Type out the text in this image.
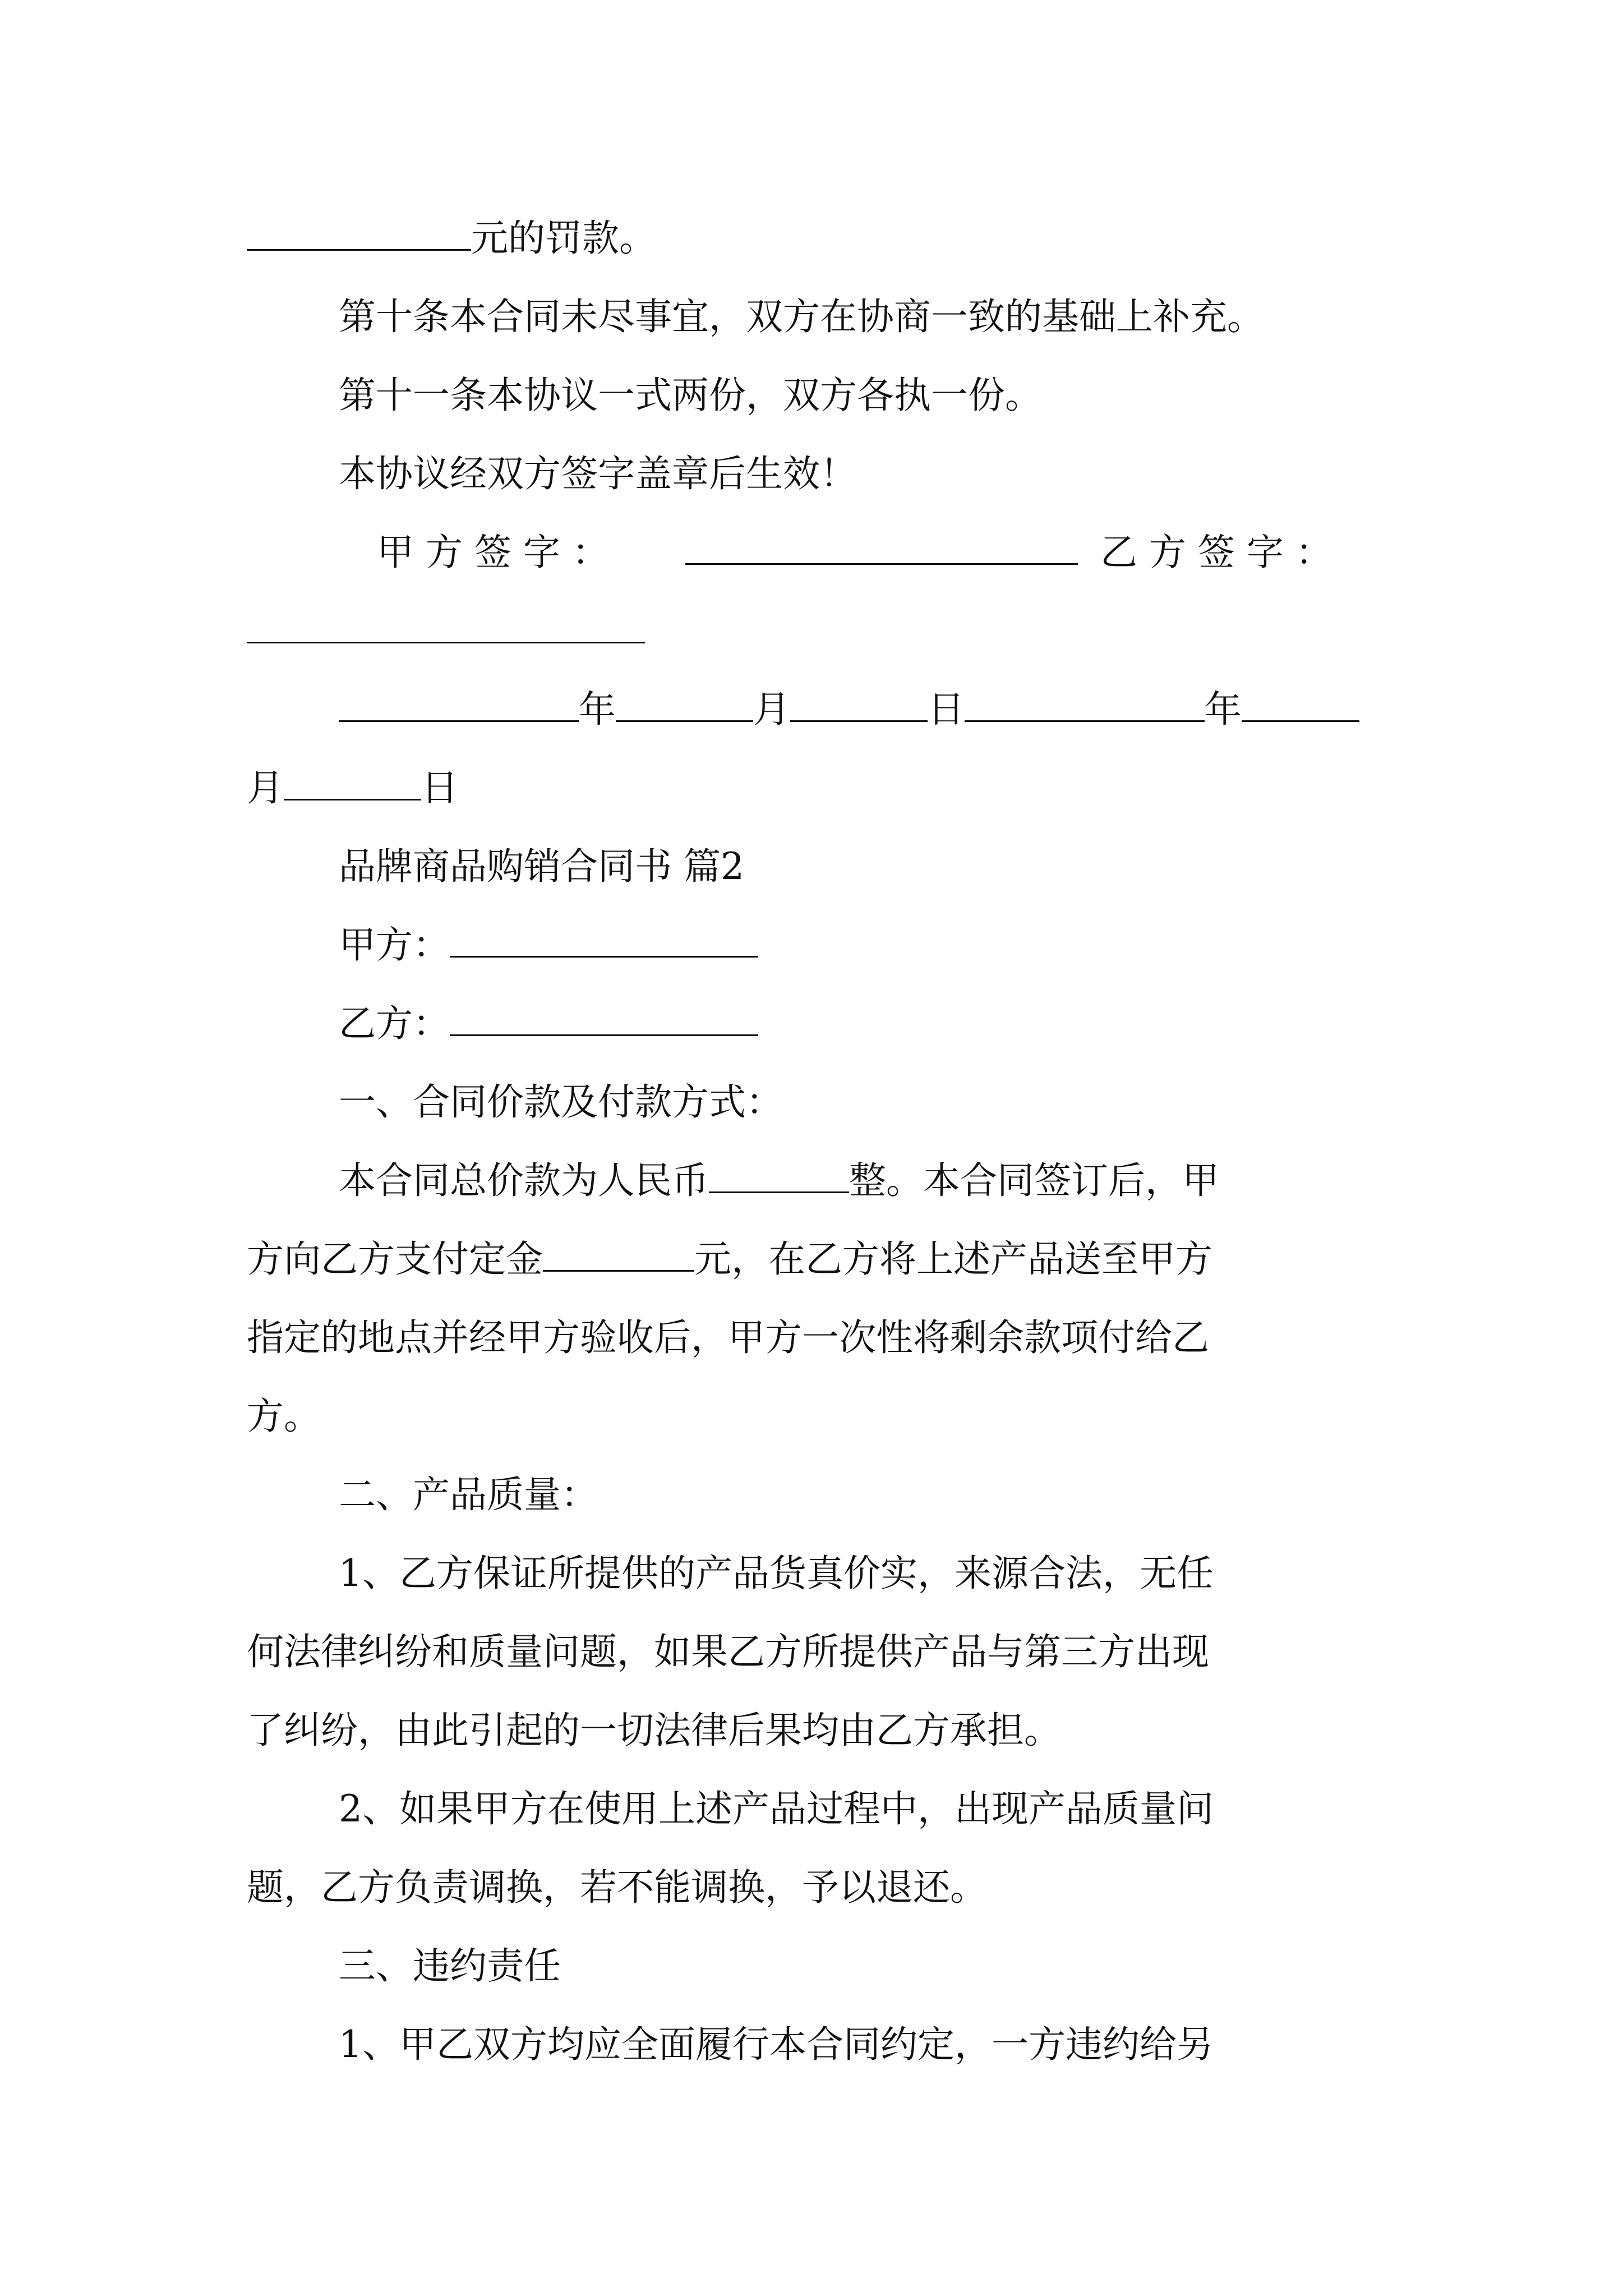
元的罚款。
第十条本合同未尽事宜，双方在协商一致的基础上补充。
第十一条本协议一式两份，双方各执一份。
本协议经双方签字盖章后生效！
甲 方 签 字 ：	乙 方 签 字 ：
年	月	日	年
月	日
品牌商品购销合同书 篇2
甲方：
乙方：
一、合同价款及付款方式：
本合同总价款为人民币	整。本合同签订后，甲
方向乙方支付定金	元，在乙方将上述产品送至甲方
指定的地点并经甲方验收后，甲方一次性将剩余款项付给乙
方。
二、产品质量：
1、乙方保证所提供的产品货真价实，来源合法，无任
何法律纠纷和质量问题，如果乙方所提供产品与第三方出现
了纠纷，由此引起的一切法律后果均由乙方承担。
2、如果甲方在使用上述产品过程中，出现产品质量问
题，乙方负责调换，若不能调换，予以退还。
三、违约责任
1、甲乙双方均应全面履行本合同约定，一方违约给另
